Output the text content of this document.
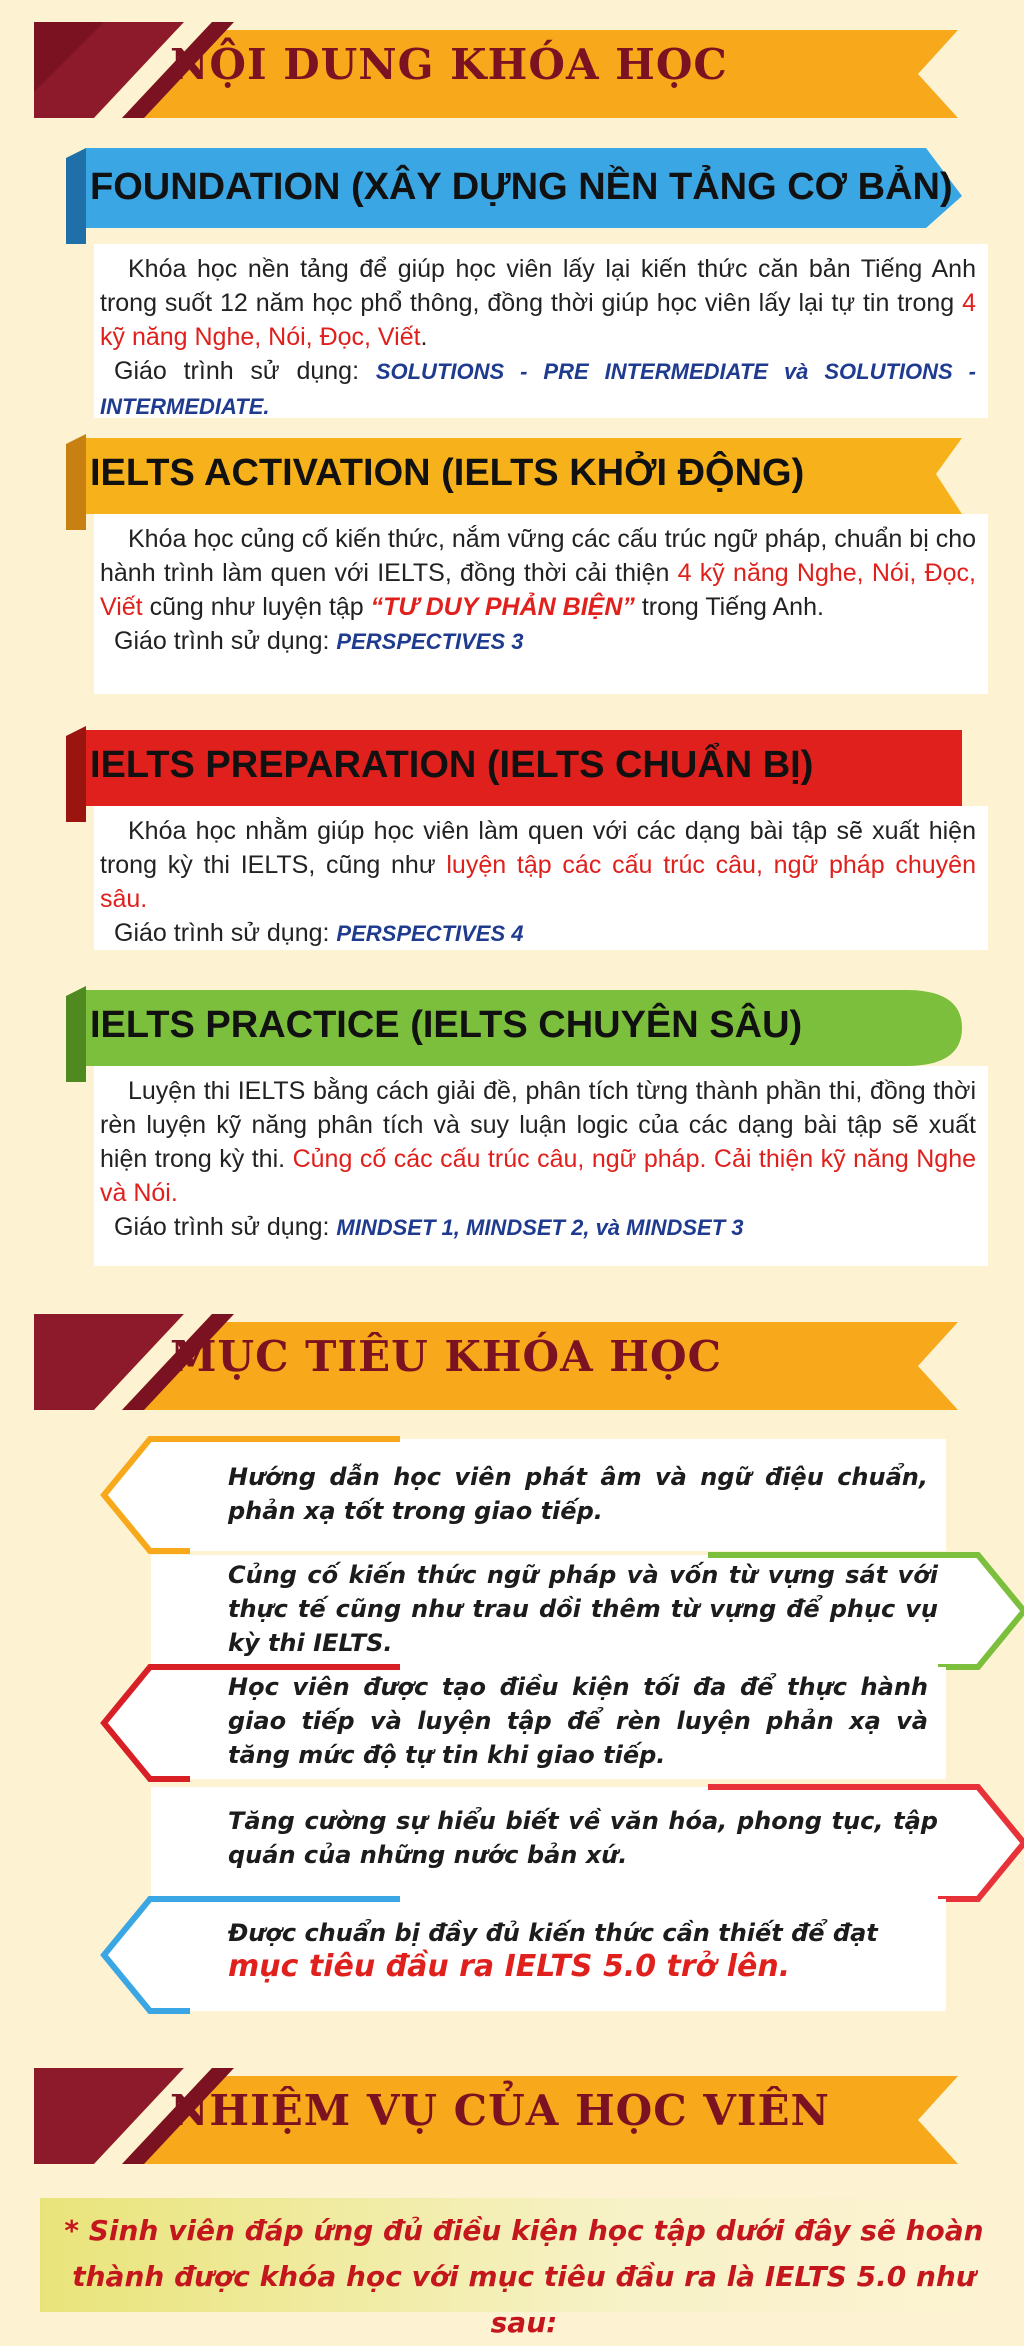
NỘI DUNG KHÓA HỌC
FOUNDATION (XÂY DỰNG NỀN TẢNG CƠ BẢN)

Khóa học nền tảng để giúp học viên lấy lại kiến thức căn bản Tiếng Anh trong suốt 12 năm học phổ thông, đồng thời giúp học viên lấy lại tự tin trong 4 kỹ năng Nghe, Nói, Đọc, Viết.

Giáo trình sử dụng: SOLUTIONS - PRE INTERMEDIATE và SOLUTIONS - INTERMEDIATE.

IELTS ACTIVATION (IELTS KHỞI ĐỘNG)

Khóa học củng cố kiến thức, nắm vững các cấu trúc ngữ pháp, chuẩn bị cho hành trình làm quen với IELTS, đồng thời cải thiện 4 kỹ năng Nghe, Nói, Đọc, Viết cũng như luyện tập “TƯ DUY PHẢN BIỆN” trong Tiếng Anh.

Giáo trình sử dụng: PERSPECTIVES 3

IELTS PREPARATION (IELTS CHUẨN BỊ)

Khóa học nhằm giúp học viên làm quen với các dạng bài tập sẽ xuất hiện trong kỳ thi IELTS, cũng như luyện tập các cấu trúc câu, ngữ pháp chuyên sâu.

Giáo trình sử dụng: PERSPECTIVES 4

IELTS PRACTICE (IELTS CHUYÊN SÂU)

Luyện thi IELTS bằng cách giải đề, phân tích từng thành phần thi, đồng thời rèn luyện kỹ năng phân tích và suy luận logic của các dạng bài tập sẽ xuất hiện trong kỳ thi. Củng cố các cấu trúc câu, ngữ pháp. Cải thiện kỹ năng Nghe và Nói.

Giáo trình sử dụng: MINDSET 1, MINDSET 2, và MINDSET 3

MỤC TIÊU KHÓA HỌC
Hướng dẫn học viên phát âm và ngữ điệu chuẩn, phản xạ tốt trong giao tiếp.
Củng cố kiến thức ngữ pháp và vốn từ vựng sát với thực tế cũng như trau dồi thêm từ vựng để phục vụ kỳ thi IELTS.
Học viên được tạo điều kiện tối đa để thực hành giao tiếp và luyện tập để rèn luyện phản xạ và tăng mức độ tự tin khi giao tiếp.
Tăng cường sự hiểu biết về văn hóa, phong tục, tập quán của những nước bản xứ.
Được chuẩn bị đầy đủ kiến thức cần thiết để đạt
mục tiêu đầu ra IELTS 5.0 trở lên.
NHIỆM VỤ CỦA HỌC VIÊN
* Sinh viên đáp ứng đủ điều kiện học tập dưới đây sẽ hoàn thành được khóa học với mục tiêu đầu ra là IELTS 5.0 như sau:
